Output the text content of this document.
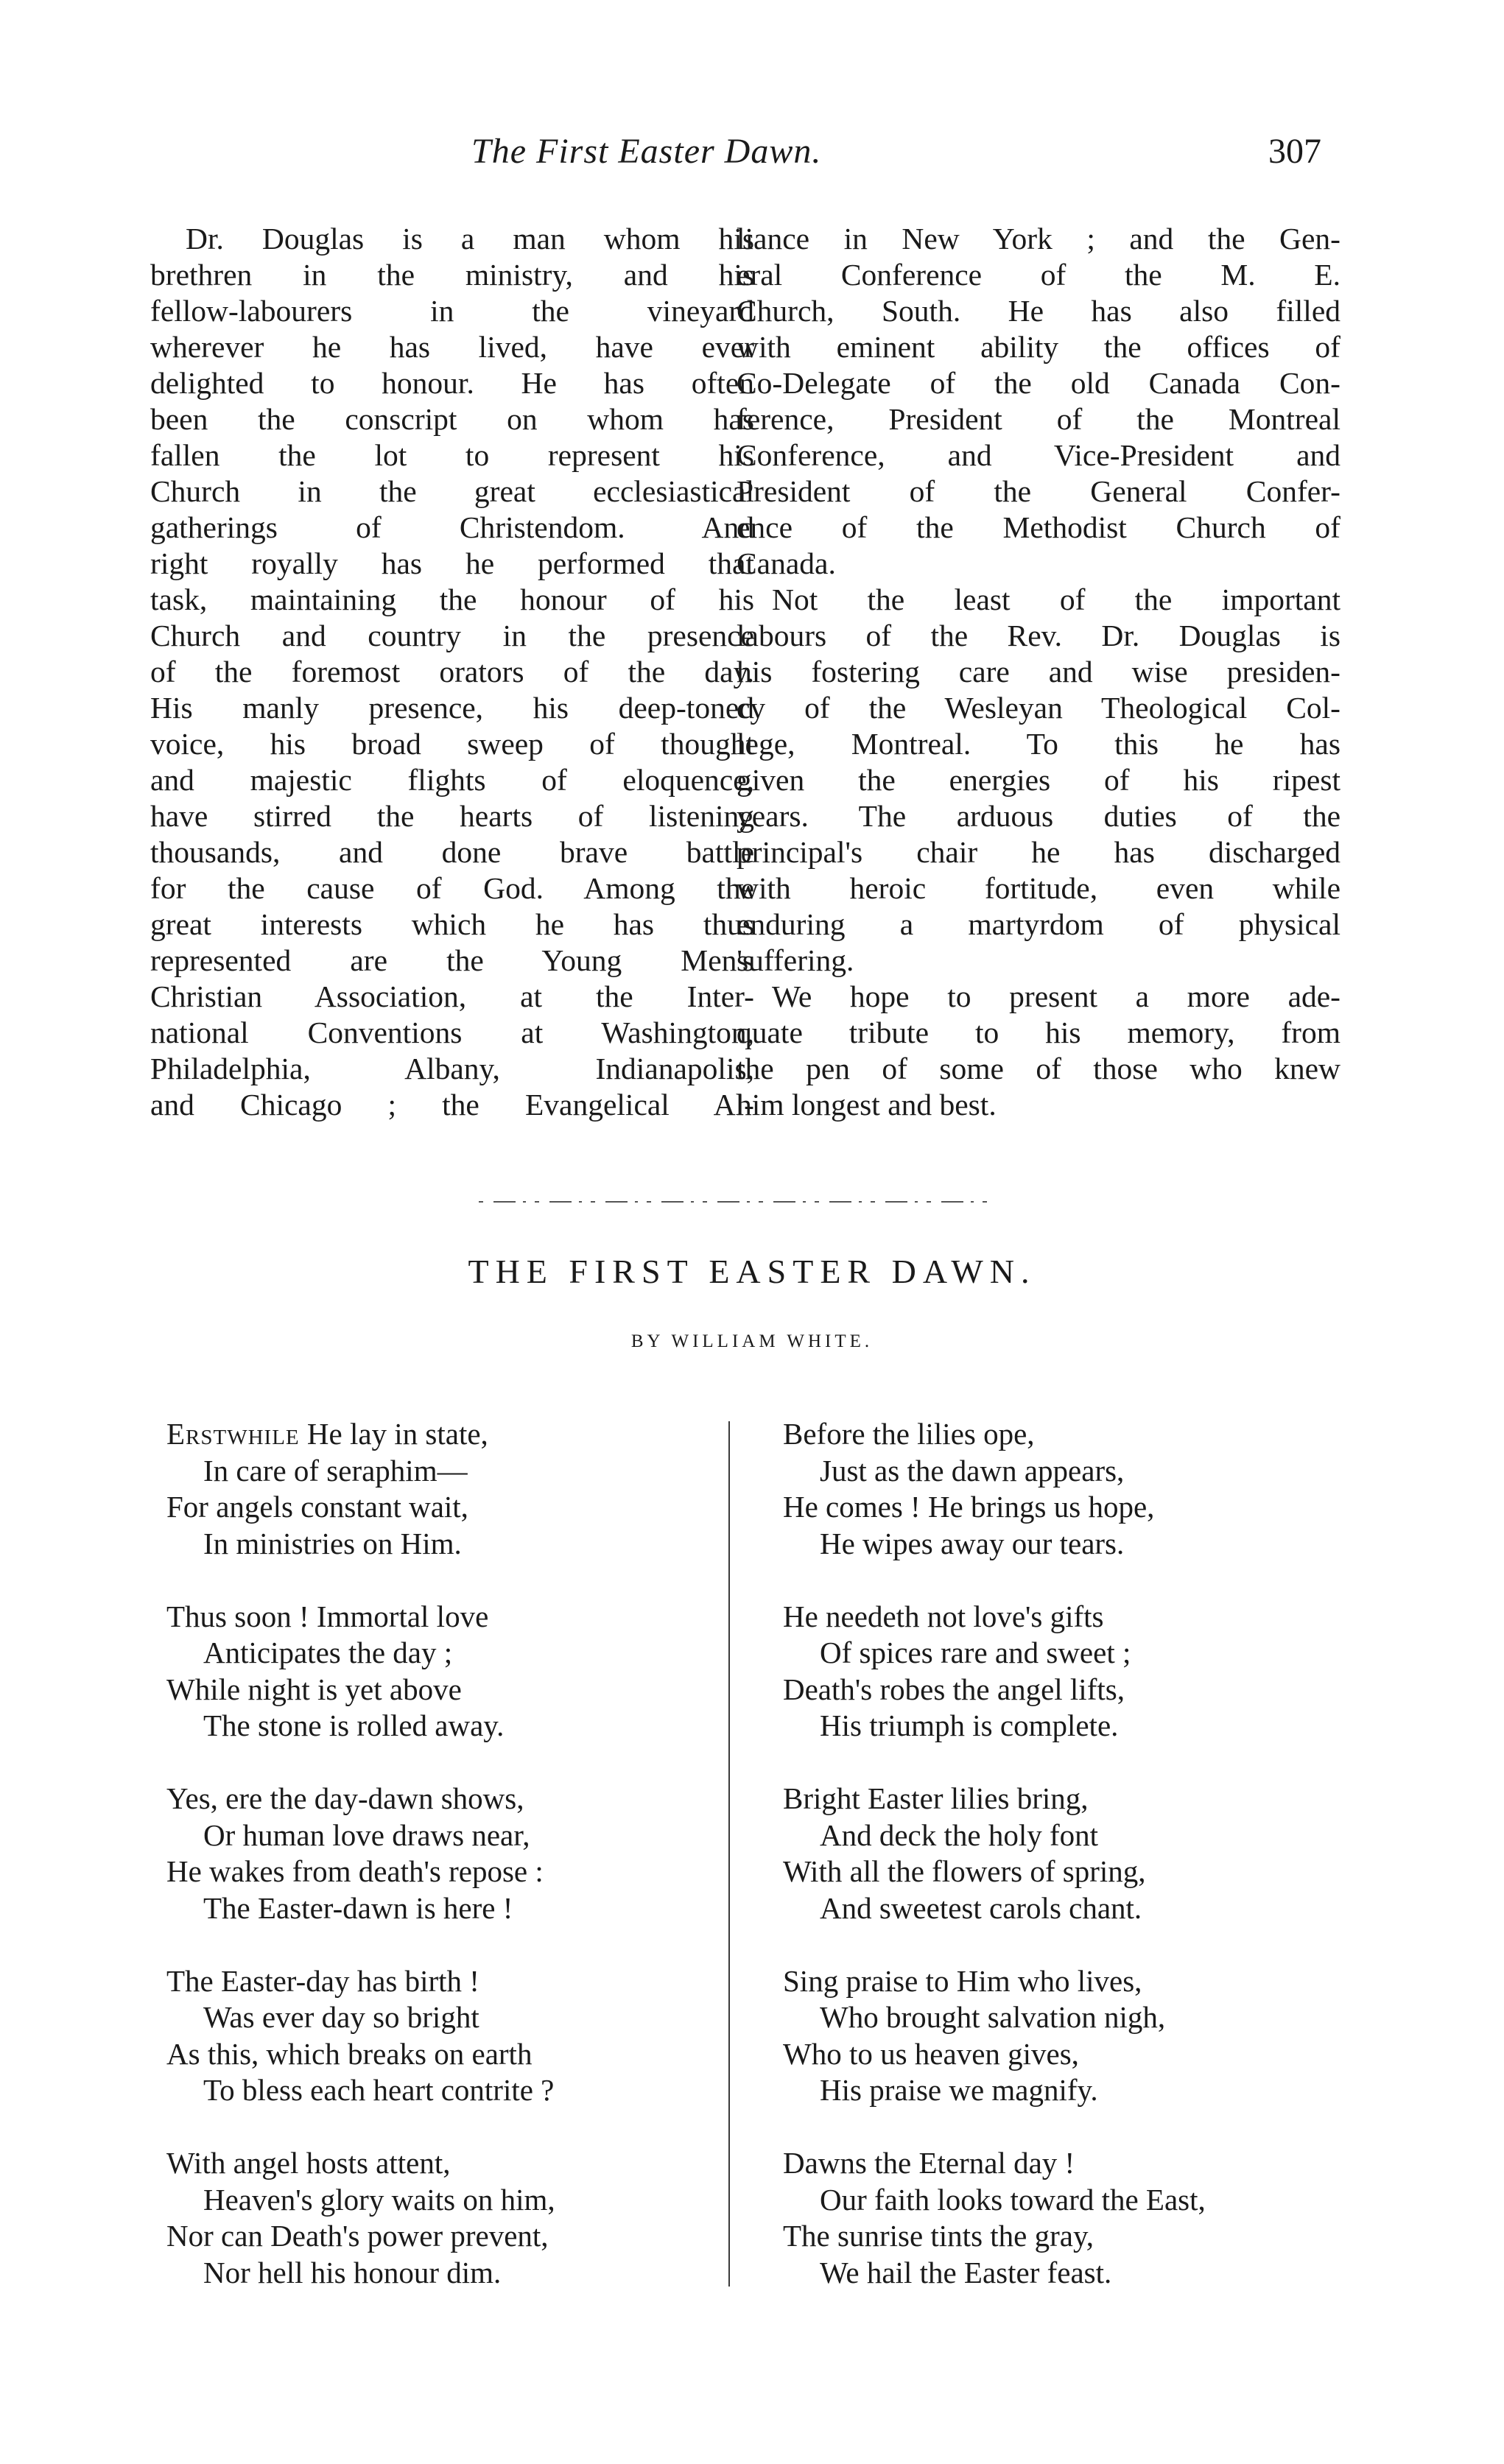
The First Easter Dawn.	307
Dr. Douglas is a man whom his
brethren in the ministry, and his
fellow-labourers in the vineyard
wherever he has lived, have ever
delighted to honour. He has often
been the conscript on whom has
fallen the lot to represent his
Church in the great ecclesiastical
gatherings of Christendom. And
right royally has he performed that
task, maintaining the honour of his
Church and country in the presence
of the foremost orators of the day.
His manly presence, his deep-toned
voice, his broad sweep of thought
and majestic flights of eloquence,
have stirred the hearts of listening
thousands, and done brave battle
for the cause of God. Among the
great interests which he has thus
represented are the Young Men's
Christian Association, at the Inter-
national Conventions at Washington,
Philadelphia, Albany, Indianapolis,
and Chicago ; the Evangelical Al-
liance in New York ; and the Gen-
eral Conference of the M. E.
Church, South. He has also filled
with eminent ability the offices of
Co-Delegate of the old Canada Con-
ference, President of the Montreal
Conference, and Vice-President and
President of the General Confer-
ence of the Methodist Church of
Canada.
Not the least of the important
labours of the Rev. Dr. Douglas is
his fostering care and wise presiden-
cy of the Wesleyan Theological Col-
lege, Montreal. To this he has
given the energies of his ripest
years. The arduous duties of the
principal's chair he has discharged
with heroic fortitude, even while
enduring a martyrdom of physical
suffering.
We hope to present a more ade-
quate tribute to his memory, from
the pen of some of those who knew
him longest and best.
THE FIRST EASTER DAWN.
BY WILLIAM WHITE.
Erstwhile He lay in state,
In care of seraphim—
For angels constant wait,
In ministries on Him.
Thus soon ! Immortal love
Anticipates the day ;
While night is yet above
The stone is rolled away.
Yes, ere the day-dawn shows,
Or human love draws near,
He wakes from death's repose :
The Easter-dawn is here !
The Easter-day has birth !
Was ever day so bright
As this, which breaks on earth
To bless each heart contrite ?
With angel hosts attent,
Heaven's glory waits on him,
Nor can Death's power prevent,
Nor hell his honour dim.
Before the lilies ope,
Just as the dawn appears,
He comes ! He brings us hope,
He wipes away our tears.
He needeth not love's gifts
Of spices rare and sweet ;
Death's robes the angel lifts,
His triumph is complete.
Bright Easter lilies bring,
And deck the holy font
With all the flowers of spring,
And sweetest carols chant.
Sing praise to Him who lives,
Who brought salvation nigh,
Who to us heaven gives,
His praise we magnify.
Dawns the Eternal day !
Our faith looks toward the East,
The sunrise tints the gray,
We hail the Easter feast.
